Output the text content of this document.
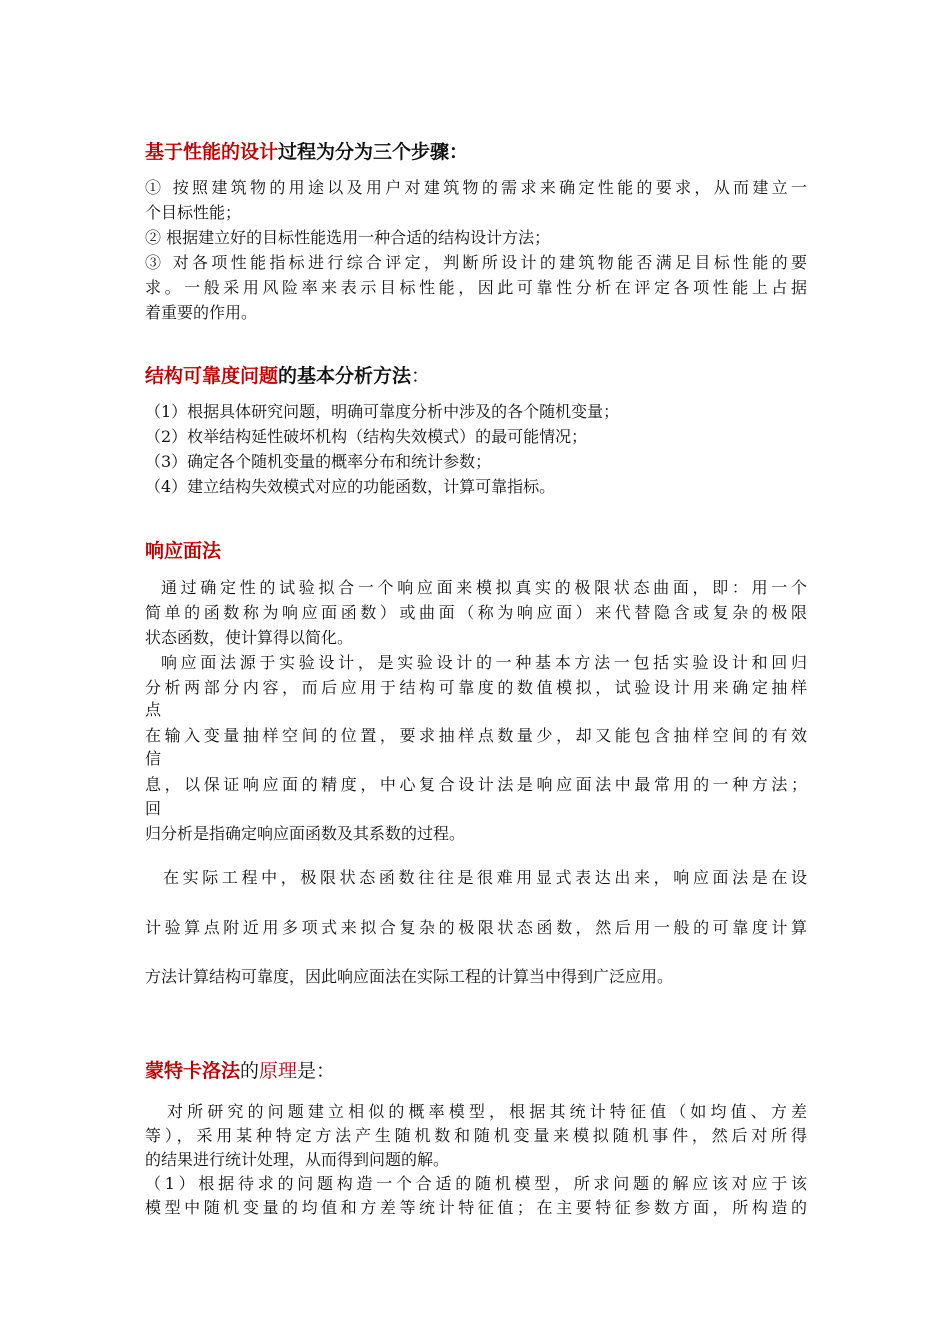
基于性能的设计过程为分为三个步骤：
① 按照建筑物的用途以及用户对建筑物的需求来确定性能的要求，从而建立一
个目标性能；
② 根据建立好的目标性能选用一种合适的结构设计方法；
③ 对各项性能指标进行综合评定，判断所设计的建筑物能否满足目标性能的要
求。一般采用风险率来表示目标性能，因此可靠性分析在评定各项性能上占据
着重要的作用。
结构可靠度问题的基本分析方法：
（1）根据具体研究问题，明确可靠度分析中涉及的各个随机变量；
（2）枚举结构延性破坏机构（结构失效模式）的最可能情况；
（3）确定各个随机变量的概率分布和统计参数；
（4）建立结构失效模式对应的功能函数，计算可靠指标。
响应面法
通过确定性的试验拟合一个响应面来模拟真实的极限状态曲面，即：用一个
简单的函数称为响应面函数）或曲面（称为响应面）来代替隐含或复杂的极限
状态函数，使计算得以简化。
响应面法源于实验设计，是实验设计的一种基本方法一包括实验设计和回归
分析两部分内容，而后应用于结构可靠度的数值模拟，试验设计用来确定抽样
点
在输入变量抽样空间的位置，要求抽样点数量少，却又能包含抽样空间的有效
信
息，以保证响应面的精度，中心复合设计法是响应面法中最常用的一种方法；
回
归分析是指确定响应面函数及其系数的过程。
在实际工程中，极限状态函数往往是很难用显式表达出来，响应面法是在设
计验算点附近用多项式来拟合复杂的极限状态函数，然后用一般的可靠度计算
方法计算结构可靠度，因此响应面法在实际工程的计算当中得到广泛应用。
蒙特卡洛法的原理是：
对所研究的问题建立相似的概率模型，根据其统计特征值（如均值、方差
等），采用某种特定方法产生随机数和随机变量来模拟随机事件，然后对所得
的结果进行统计处理，从而得到问题的解。
（1）根据待求的问题构造一个合适的随机模型，所求问题的解应该对应于该
模型中随机变量的均值和方差等统计特征值；在主要特征参数方面，所构造的
